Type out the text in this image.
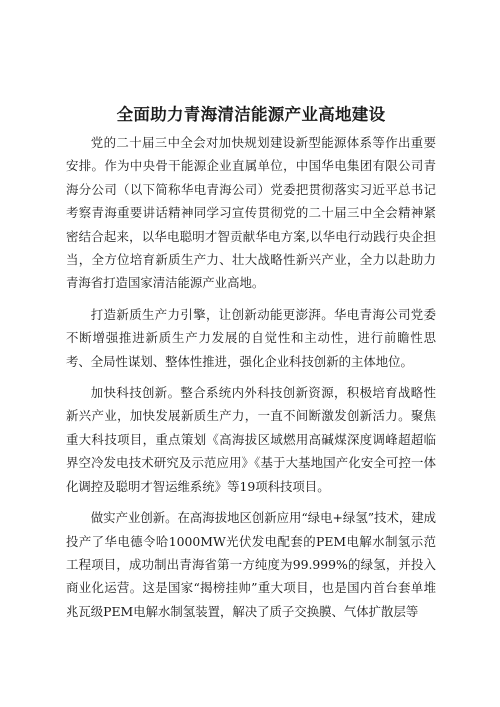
全面助力青海清洁能源产业高地建设

党的二十届三中全会对加快规划建设新型能源体系等作出重要安排。作为中央骨干能源企业直属单位，中国华电集团有限公司青海分公司（以下简称华电青海公司）党委把贯彻落实习近平总书记考察青海重要讲话精神同学习宣传贯彻党的二十届三中全会精神紧密结合起来，以华电聪明才智贡献华电方案,以华电行动践行央企担当，全方位培育新质生产力、壮大战略性新兴产业，全力以赴助力青海省打造国家清洁能源产业高地。

打造新质生产力引擎，让创新动能更澎湃。华电青海公司党委不断增强推进新质生产力发展的自觉性和主动性，进行前瞻性思考、全局性谋划、整体性推进，强化企业科技创新的主体地位。

加快科技创新。整合系统内外科技创新资源，积极培育战略性新兴产业，加快发展新质生产力，一直不间断激发创新活力。聚焦重大科技项目，重点策划《高海拔区域燃用高碱煤深度调峰超超临界空冷发电技术研究及示范应用》《基于大基地国产化安全可控一体化调控及聪明才智运维系统》等19项科技项目。

做实产业创新。在高海拔地区创新应用“绿电+绿氢”技术，建成投产了华电德令哈1000MW光伏发电配套的PEM电解水制氢示范工程项目，成功制出青海省第一方纯度为99.999%的绿氢，并投入商业化运营。这是国家“揭榜挂帅”重大项目，也是国内首台套单堆兆瓦级PEM电解水制氢装置，解决了质子交换膜、气体扩散层等
